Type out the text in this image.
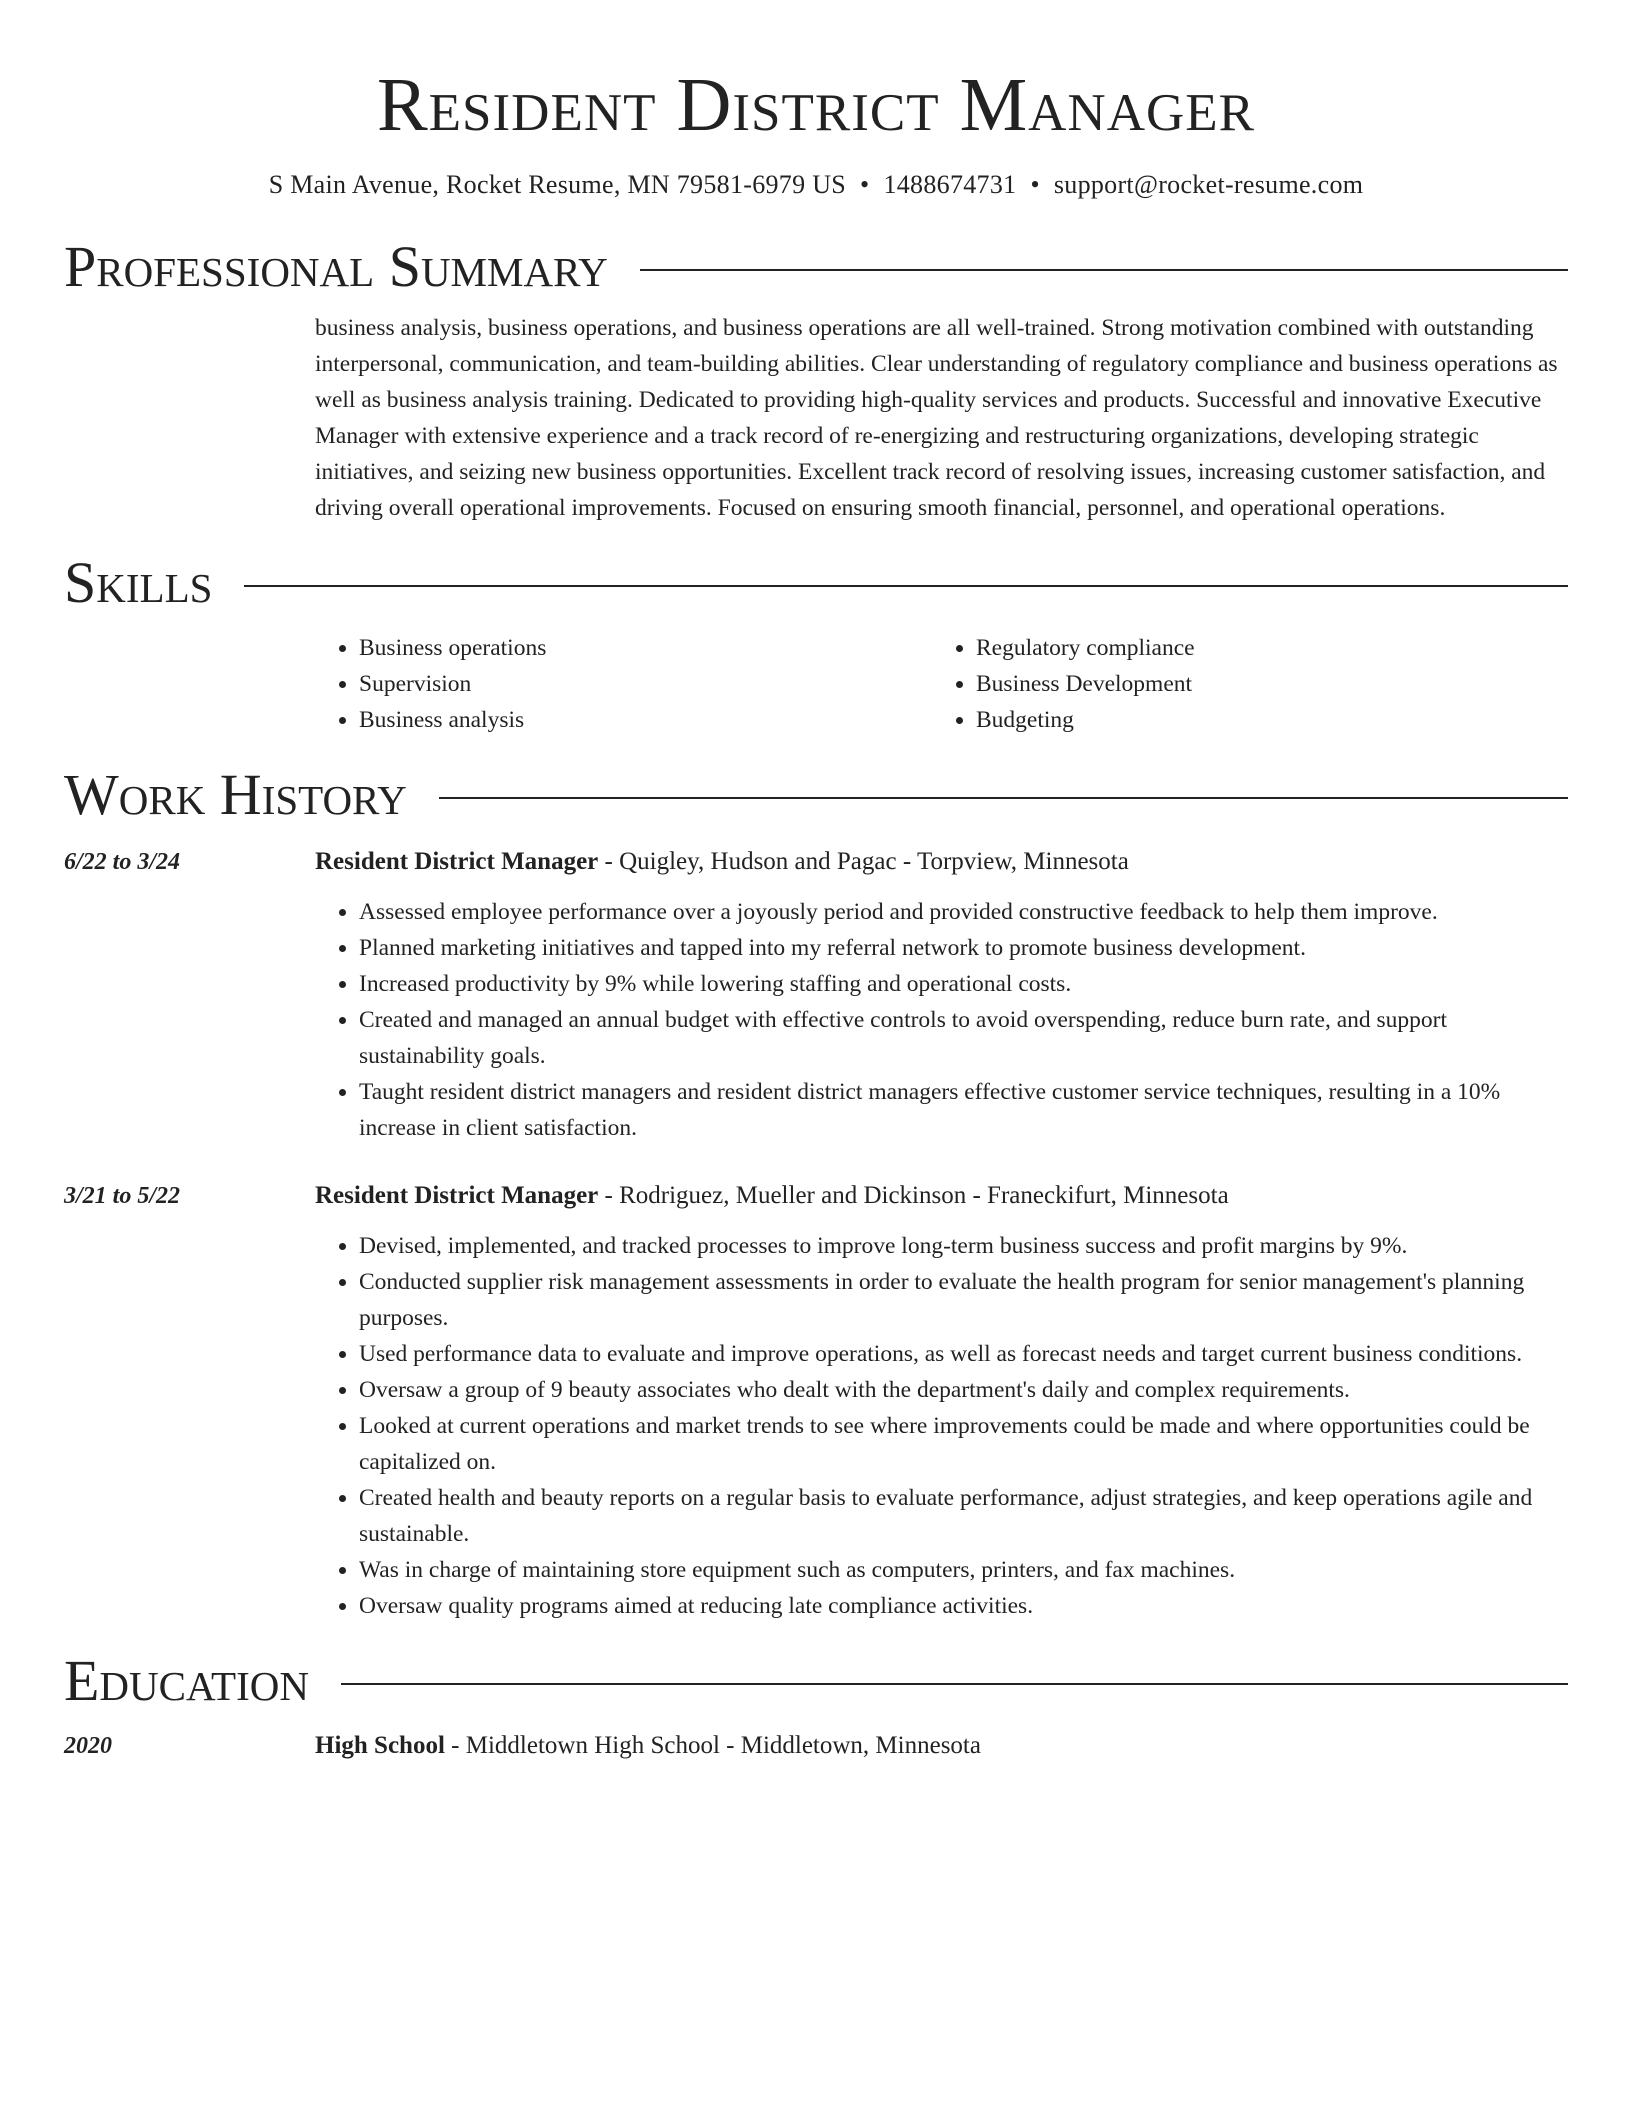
Resident District Manager
S Main Avenue, Rocket Resume, MN 79581-6979 US • 1488674731 • support@rocket-resume.com
Professional Summary

business analysis, business operations, and business operations are all well-trained. Strong motivation combined with outstanding interpersonal, communication, and team-building abilities. Clear understanding of regulatory compliance and business operations as well as business analysis training. Dedicated to providing high-quality services and products. Successful and innovative Executive Manager with extensive experience and a track record of re-energizing and restructuring organizations, developing strategic initiatives, and seizing new business opportunities. Excellent track record of resolving issues, increasing customer satisfaction, and driving overall operational improvements. Focused on ensuring smooth financial, personnel, and operational operations.

Skills
• Business operations
• Supervision
• Business analysis
• Regulatory compliance
• Business Development
• Budgeting
Work History
6/22 to 3/24	Resident District Manager - Quigley, Hudson and Pagac - Torpview, Minnesota
• Assessed employee performance over a joyously period and provided constructive feedback to help them improve.
• Planned marketing initiatives and tapped into my referral network to promote business development.
• Increased productivity by 9% while lowering staffing and operational costs.
• Created and managed an annual budget with effective controls to avoid overspending, reduce burn rate, and support sustainability goals.
• Taught resident district managers and resident district managers effective customer service techniques, resulting in a 10% increase in client satisfaction.
3/21 to 5/22	Resident District Manager - Rodriguez, Mueller and Dickinson - Franeckifurt, Minnesota
• Devised, implemented, and tracked processes to improve long-term business success and profit margins by 9%.
• Conducted supplier risk management assessments in order to evaluate the health program for senior management's planning purposes.
• Used performance data to evaluate and improve operations, as well as forecast needs and target current business conditions.
• Oversaw a group of 9 beauty associates who dealt with the department's daily and complex requirements.
• Looked at current operations and market trends to see where improvements could be made and where opportunities could be capitalized on.
• Created health and beauty reports on a regular basis to evaluate performance, adjust strategies, and keep operations agile and sustainable.
• Was in charge of maintaining store equipment such as computers, printers, and fax machines.
• Oversaw quality programs aimed at reducing late compliance activities.
Education
2020	High School - Middletown High School - Middletown, Minnesota
